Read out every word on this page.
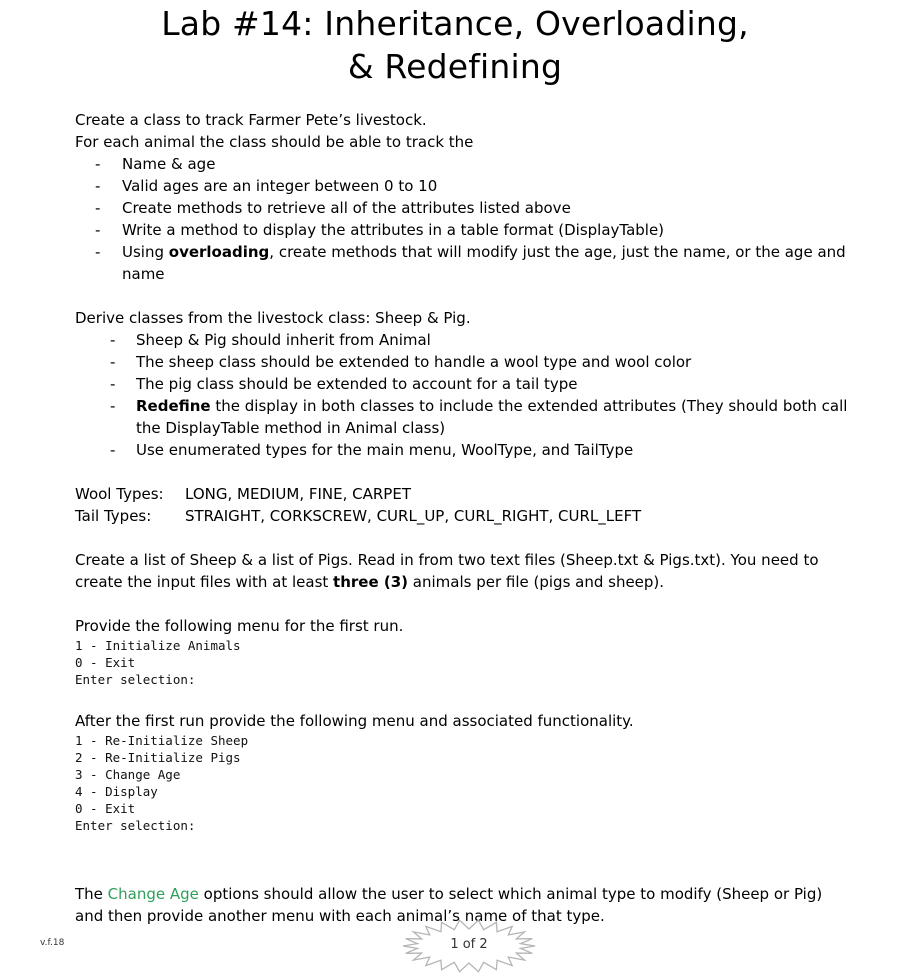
Lab #14: Inheritance, Overloading,
& Redefining

Create a class to track Farmer Pete’s livestock.

For each animal the class should be able to track the

- Name & age
- Valid ages are an integer between 0 to 10
- Create methods to retrieve all of the attributes listed above
- Write a method to display the attributes in a table format (DisplayTable)
- Using overloading, create methods that will modify just the age, just the name, or the age and name

Derive classes from the livestock class: Sheep & Pig.

- Sheep & Pig should inherit from Animal
- The sheep class should be extended to handle a wool type and wool color
- The pig class should be extended to account for a tail type
- Redefine the display in both classes to include the extended attributes (They should both call the DisplayTable method in Animal class)
- Use enumerated types for the main menu, WoolType, and TailType
Wool Types:	LONG, MEDIUM, FINE, CARPET
Tail Types:	STRAIGHT, CORKSCREW, CURL_UP, CURL_RIGHT, CURL_LEFT

Create a list of Sheep & a list of Pigs. Read in from two text files (Sheep.txt & Pigs.txt). You need to create the input files with at least three (3) animals per file (pigs and sheep).

Provide the following menu for the first run.

1 - Initialize Animals
0 - Exit
Enter selection:

After the first run provide the following menu and associated functionality.

1 - Re-Initialize Sheep
2 - Re-Initialize Pigs
3 - Change Age
4 - Display
0 - Exit
Enter selection:

The Change Age options should allow the user to select which animal type to modify (Sheep or Pig) and then provide another menu with each animal’s name of that type.

v.f.18	1 of 2
